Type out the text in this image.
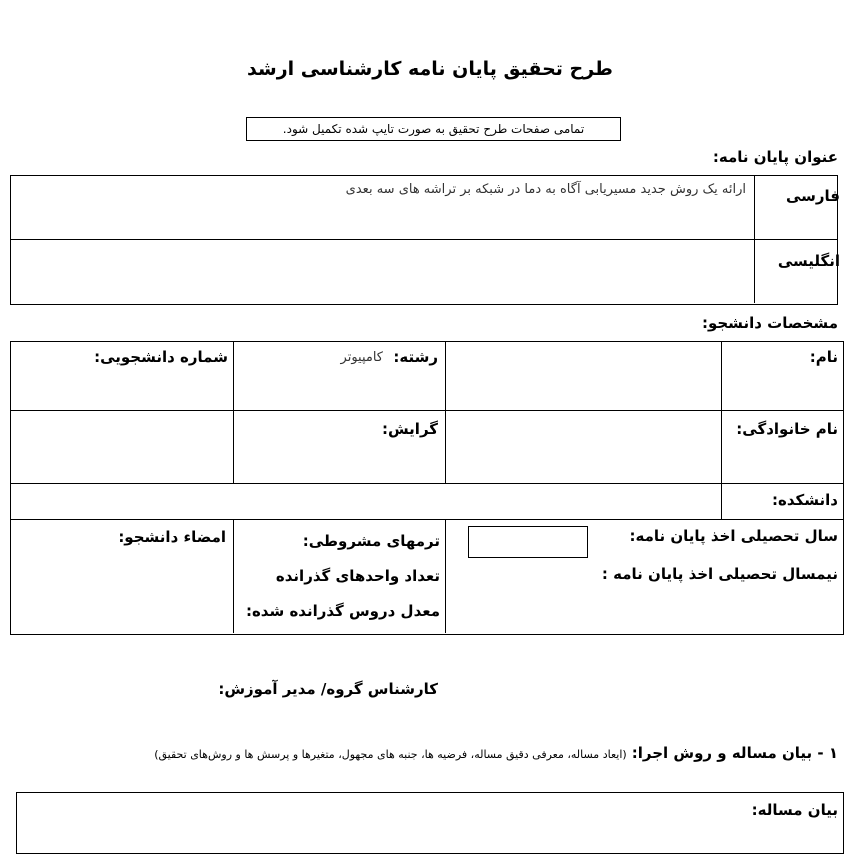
طرح تحقیق پایان نامه کارشناسی ارشد
تمامی صفحات طرح تحقیق به صورت تایپ شده تکمیل شود.
عنوان پایان نامه:
فارسی
ارائه یک روش جدید مسیریابی آگاه به دما در شبکه بر تراشه های سه بعدی
انگلیسی
مشخصات دانشجو:
نام:
رشته:
کامپیوتر
شماره دانشجویی:
نام خانوادگی:
گرایش:
دانشکده:
سال تحصیلی اخذ پایان نامه:
نیمسال تحصیلی اخذ پایان نامه :
ترمهای مشروطی:
تعداد واحدهای گذرانده
معدل دروس گذرانده شده:
امضاء دانشجو:
کارشناس گروه/ مدیر آموزش:
۱ - بیان مساله و روش اجرا: (ایعاد مساله، معرفی دقیق مساله، فرضیه ها، جنبه های مجهول، متغیرها و پرسش ها و روش‌های تحقیق)
بیان مساله:
